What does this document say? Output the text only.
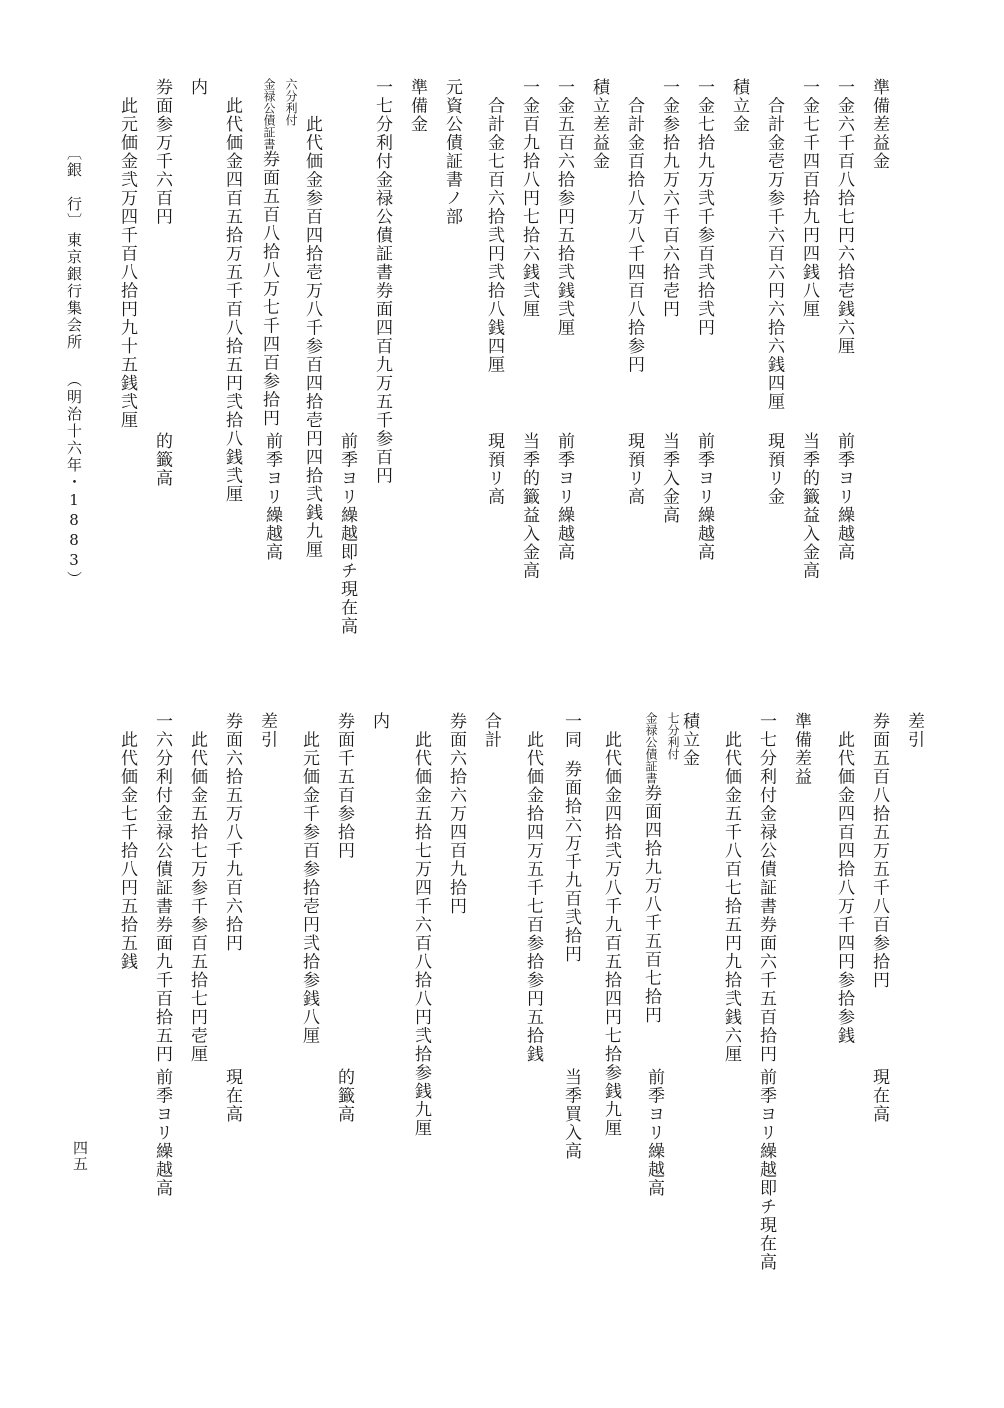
準備差益金
一金六千百八拾七円六拾壱銭六厘
前季ヨリ繰越高
一金七千四百拾九円四銭八厘
当季的籤益入金高
　合計金壱万参千六百六円六拾六銭四厘
現預リ金
積立金
一金七拾九万弐千参百弐拾弐円
前季ヨリ繰越高
一金参拾九万六千百六拾壱円
当季入金高
　合計金百拾八万八千四百八拾参円
現預リ高
積立差益金
一金五百六拾参円五拾弐銭弐厘
前季ヨリ繰越高
一金百九拾八円七拾六銭弐厘
当季的籤益入金高
　合計金七百六拾弐円弐拾八銭四厘
現預リ高
元資公債証書ノ部
準備金
一七分利付金禄公債証書券面四百九万五千参百円
前季ヨリ繰越即チ現在高
　　此代価金参百四拾壱万八千参百四拾壱円四拾弐銭九厘
六分利付
金禄公債証書券面五百八拾八万七千四百参拾円
前季ヨリ繰越高
　此代価金四百五拾万五千百八拾五円弐拾八銭弐厘
内
券面参万千六百円
的籤高
　此元価金弐万四千百八拾円九十五銭弐厘
〔銀　行〕
東京銀行集会所
（明治十六年・1883）
差引
券面五百八拾五万五千八百参拾円
現在高
　此代価金四百四拾八万千四円参拾参銭
準備差益
一七分利付金禄公債証書券面六千五百拾円
前季ヨリ繰越即チ現在高
　此代価金五千八百七拾五円九拾弐銭六厘
積立金
七分利付
金禄公債証書券面四拾九万八千五百七拾円
前季ヨリ繰越高
　此代価金四拾弐万八千九百五拾四円七拾参銭九厘
一同
券面拾六万千九百弐拾円
当季買入高
　此代価金拾四万五千七百参拾参円五拾銭
合計
券面六拾六万四百九拾円
　此代価金五拾七万四千六百八拾八円弐拾参銭九厘
内
券面千五百参拾円
的籤高
　此元価金千参百参拾壱円弐拾参銭八厘
差引
券面六拾五万八千九百六拾円
現在高
　此代価金五拾七万参千参百五拾七円壱厘
一六分利付金禄公債証書券面九千百拾五円
前季ヨリ繰越高
　此代価金七千拾八円五拾五銭
四五
